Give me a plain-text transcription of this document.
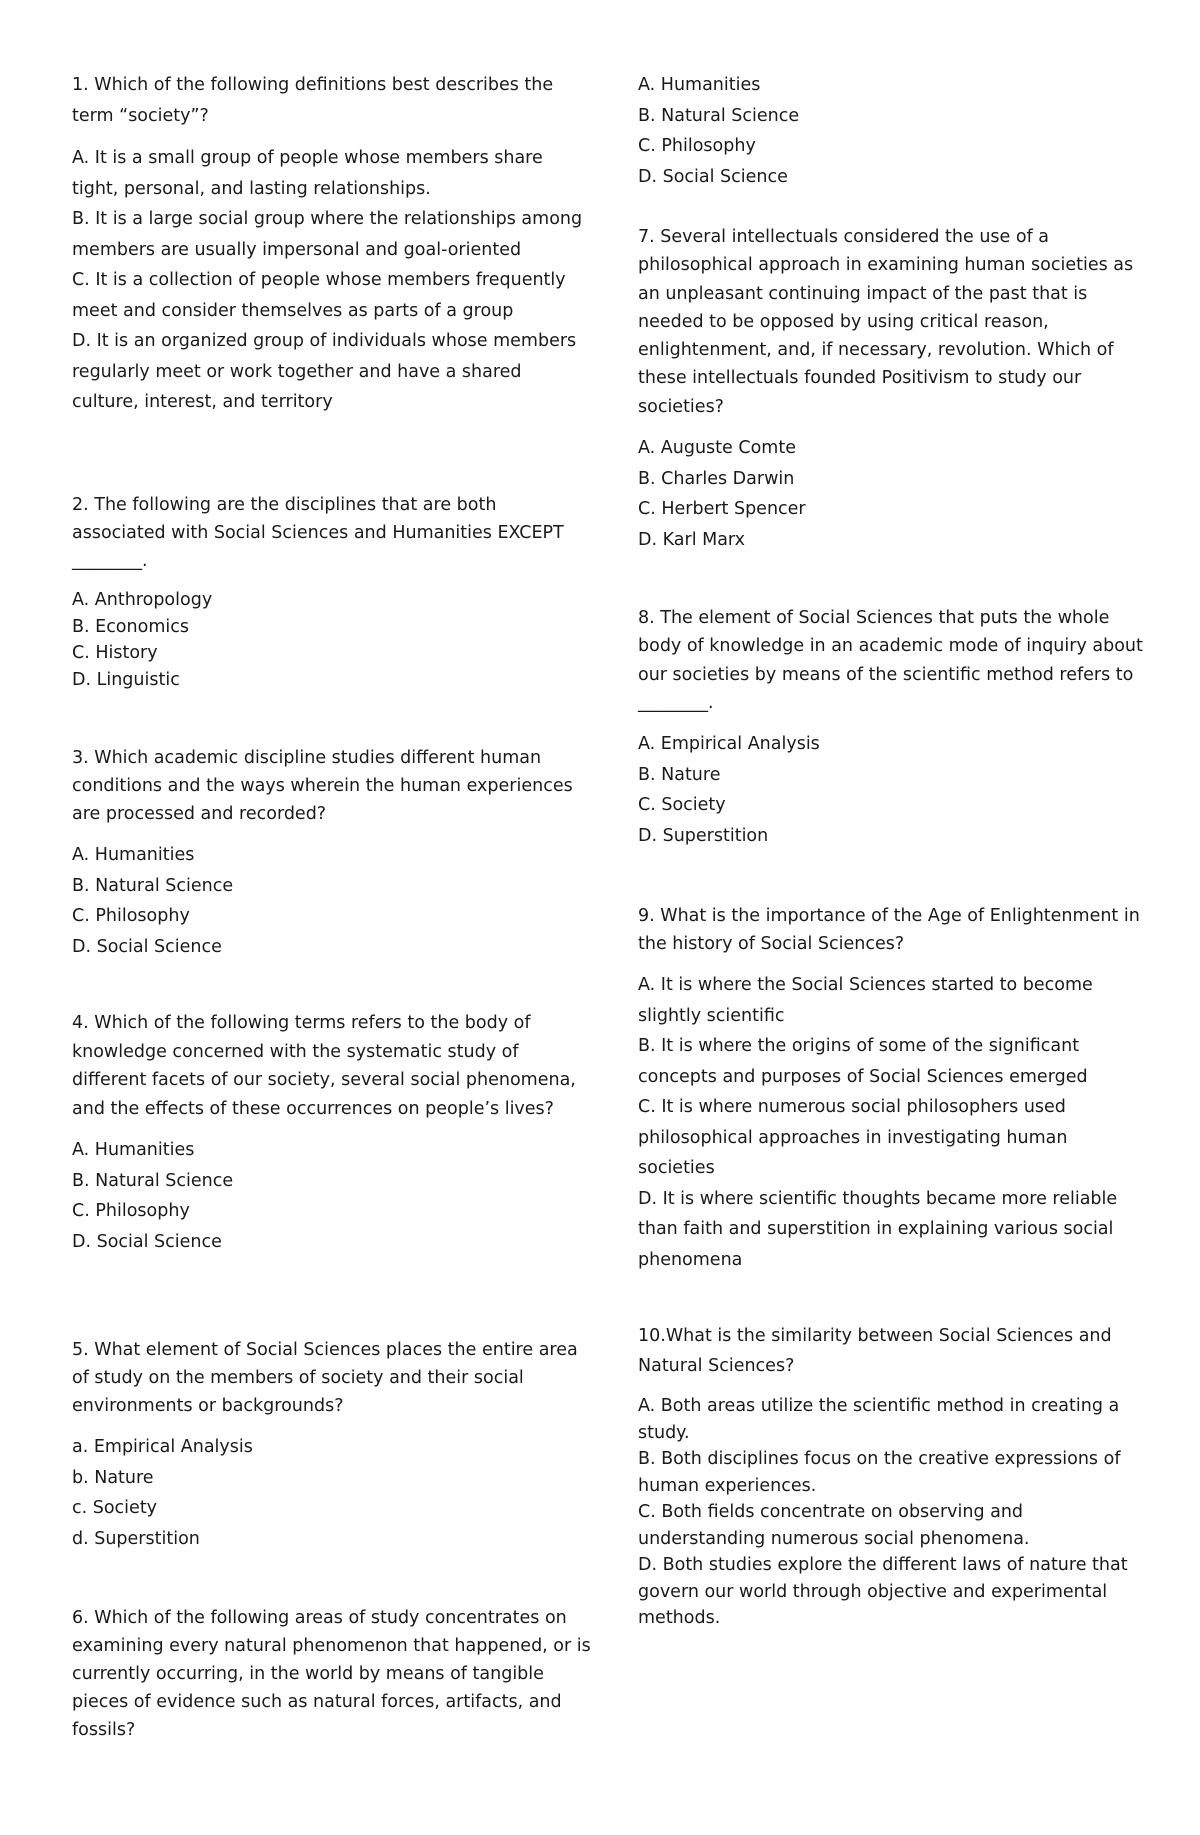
1. Which of the following definitions best describes the term “society”?

A. It is a small group of people whose members share tight, personal, and lasting relationships.

B. It is a large social group where the relationships among members are usually impersonal and goal-oriented

C. It is a collection of people whose members frequently meet and consider themselves as parts of a group

D. It is an organized group of individuals whose members regularly meet or work together and have a shared culture, interest, and territory

2. The following are the disciplines that are both associated with Social Sciences and Humanities EXCEPT ________.

A. Anthropology

B. Economics

C. History

D. Linguistic

3. Which academic discipline studies different human conditions and the ways wherein the human experiences are processed and recorded?

A. Humanities

B. Natural Science

C. Philosophy

D. Social Science

4. Which of the following terms refers to the body of knowledge concerned with the systematic study of different facets of our society, several social phenomena, and the effects of these occurrences on people’s lives?

A. Humanities

B. Natural Science

C. Philosophy

D. Social Science

5. What element of Social Sciences places the entire area of study on the members of society and their social environments or backgrounds?

a. Empirical Analysis

b. Nature

c. Society

d. Superstition

6. Which of the following areas of study concentrates on examining every natural phenomenon that happened, or is currently occurring, in the world by means of tangible pieces of evidence such as natural forces, artifacts, and fossils?

A. Humanities

B. Natural Science

C. Philosophy

D. Social Science

7. Several intellectuals considered the use of a philosophical approach in examining human societies as an unpleasant continuing impact of the past that is needed to be opposed by using critical reason, enlightenment, and, if necessary, revolution. Which of these intellectuals founded Positivism to study our societies?

A. Auguste Comte

B. Charles Darwin

C. Herbert Spencer

D. Karl Marx

8. The element of Social Sciences that puts the whole body of knowledge in an academic mode of inquiry about our societies by means of the scientific method refers to ________.

A. Empirical Analysis

B. Nature

C. Society

D. Superstition

9. What is the importance of the Age of Enlightenment in the history of Social Sciences?

A. It is where the Social Sciences started to become slightly scientific

B. It is where the origins of some of the significant concepts and purposes of Social Sciences emerged

C. It is where numerous social philosophers used philosophical approaches in investigating human societies

D. It is where scientific thoughts became more reliable than faith and superstition in explaining various social phenomena

10.What is the similarity between Social Sciences and Natural Sciences?

A. Both areas utilize the scientific method in creating a study.

B. Both disciplines focus on the creative expressions of human experiences.

C. Both fields concentrate on observing and understanding numerous social phenomena.

D. Both studies explore the different laws of nature that govern our world through objective and experimental methods.
